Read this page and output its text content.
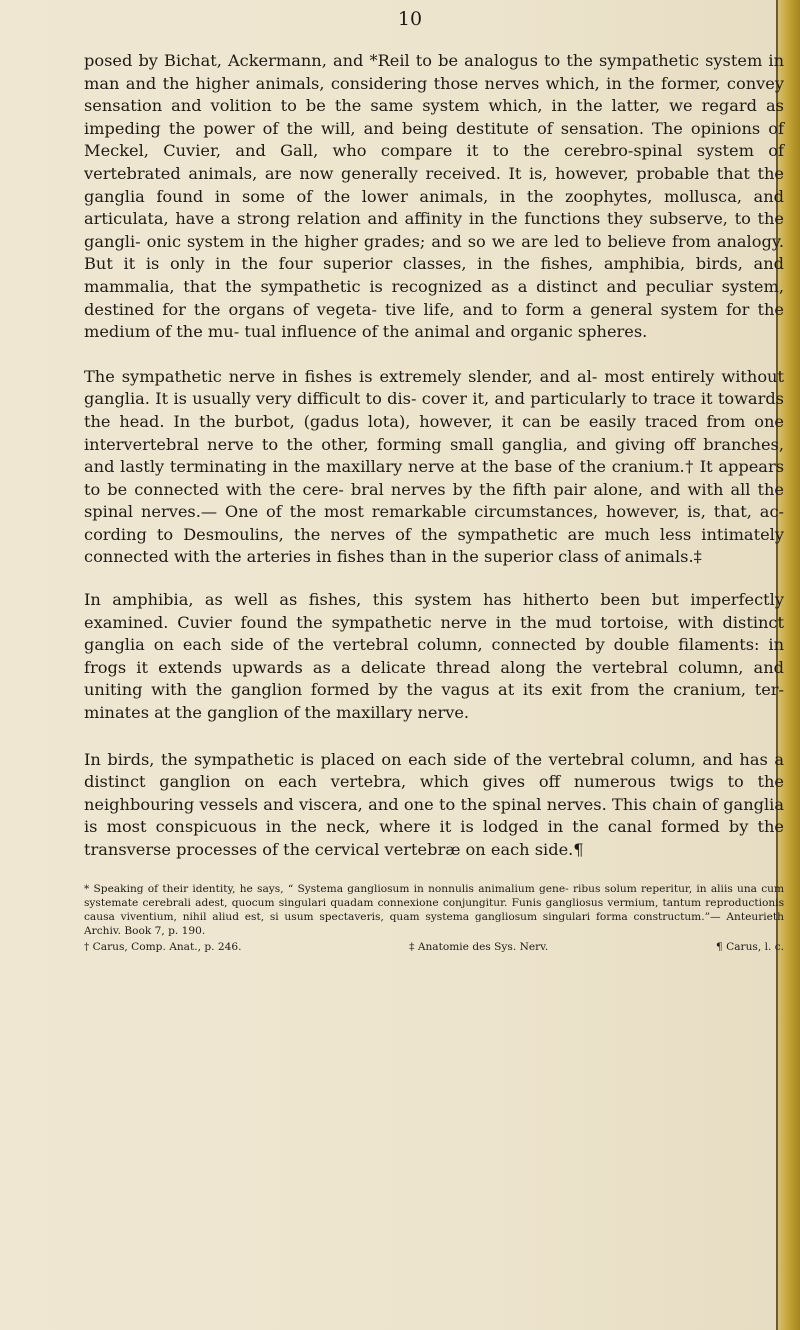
10

posed by Bichat, Ackermann, and *Reil to be analogus to the sympathetic system in man and the higher animals, considering those nerves which, in the former, convey sensation and volition to be the same system which, in the latter, we regard as impeding the power of the will, and being destitute of sensation. The opinions of Meckel, Cuvier, and Gall, who compare it to the cerebro-spinal system of vertebrated animals, are now generally received. It is, however, probable that the ganglia found in some of the lower animals, in the zoophytes, mollusca, and articulata, have a strong relation and affinity in the functions they subserve, to the gangli- onic system in the higher grades; and so we are led to believe from analogy. But it is only in the four superior classes, in the fishes, amphibia, birds, and mammalia, that the sympathetic is recognized as a distinct and peculiar system, destined for the organs of vegeta- tive life, and to form a general system for the medium of the mu- tual influence of the animal and organic spheres.

The sympathetic nerve in fishes is extremely slender, and al- most entirely without ganglia. It is usually very difficult to dis- cover it, and particularly to trace it towards the head. In the burbot, (gadus lota), however, it can be easily traced from one intervertebral nerve to the other, forming small ganglia, and giving off branches, and lastly terminating in the maxillary nerve at the base of the cranium.† It appears to be connected with the cere- bral nerves by the fifth pair alone, and with all the spinal nerves.— One of the most remarkable circumstances, however, is, that, ac- cording to Desmoulins, the nerves of the sympathetic are much less intimately connected with the arteries in fishes than in the superior class of animals.‡

In amphibia, as well as fishes, this system has hitherto been but imperfectly examined. Cuvier found the sympathetic nerve in the mud tortoise, with distinct ganglia on each side of the vertebral column, connected by double filaments: in frogs it extends upwards as a delicate thread along the vertebral column, and uniting with the ganglion formed by the vagus at its exit from the cranium, ter- minates at the ganglion of the maxillary nerve.

In birds, the sympathetic is placed on each side of the vertebral column, and has a distinct ganglion on each vertebra, which gives off numerous twigs to the neighbouring vessels and viscera, and one to the spinal nerves. This chain of ganglia is most conspicuous in the neck, where it is lodged in the canal formed by the transverse processes of the cervical vertebræ on each side.¶

* Speaking of their identity, he says, “ Systema gangliosum in nonnulis animalium gene- ribus solum reperitur, in aliis una cum systemate cerebrali adest, quocum singulari quadam connexione conjungitur. Funis gangliosus vermium, tantum reproductionis causa viventium, nihil aliud est, si usum spectaveris, quam systema gangliosum singulari forma constructum.”— Anteurieth Archiv. Book 7, p. 190.
† Carus, Comp. Anat., p. 246.	‡ Anatomie des Sys. Nerv.	¶ Carus, l. c.
